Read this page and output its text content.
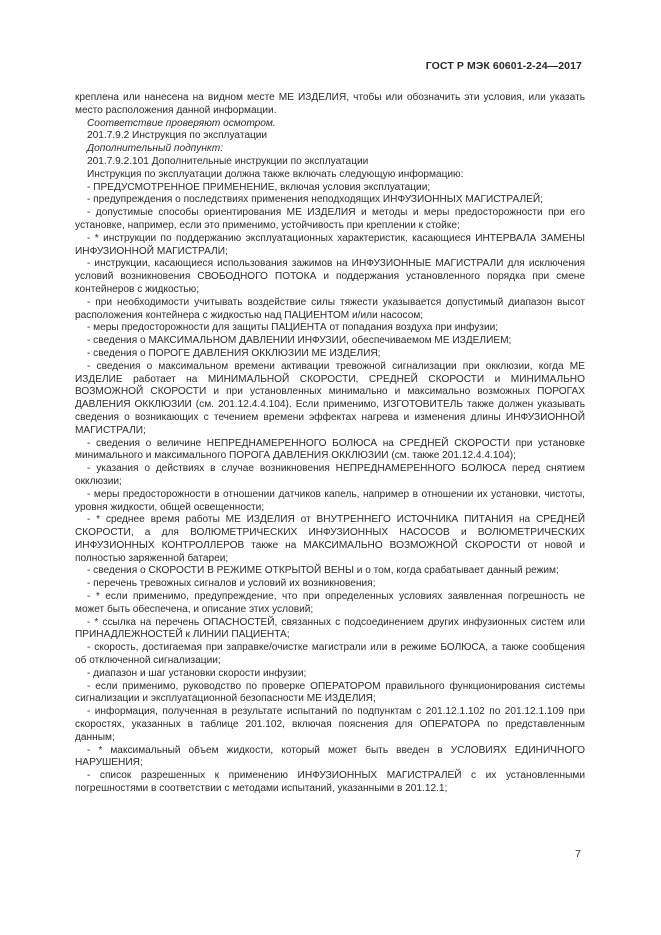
ГОСТ Р МЭК 60601-2-24—2017

креплена или нанесена на видном месте МЕ ИЗДЕЛИЯ, чтобы или обозначить эти условия, или указать место расположения данной информации.

Соответствие проверяют осмотром.

201.7.9.2 Инструкция по эксплуатации

Дополнительный подпункт:

201.7.9.2.101 Дополнительные инструкции по эксплуатации

Инструкция по эксплуатации должна также включать следующую информацию:

- ПРЕДУСМОТРЕННОЕ ПРИМЕНЕНИЕ, включая условия эксплуатации;

- предупреждения о последствиях применения неподходящих ИНФУЗИОННЫХ МАГИСТРАЛЕЙ;

- допустимые способы ориентирования МЕ ИЗДЕЛИЯ и методы и меры предосторожности при его установке, например, если это применимо, устойчивость при креплении к стойке;

- * инструкции по поддержанию эксплуатационных характеристик, касающиеся ИНТЕРВАЛА ЗАМЕНЫ ИНФУЗИОННОЙ МАГИСТРАЛИ;

- инструкции, касающиеся использования зажимов на ИНФУЗИОННЫЕ МАГИСТРАЛИ для исключения условий возникновения СВОБОДНОГО ПОТОКА и поддержания установленного порядка при смене контейнеров с жидкостью;

- при необходимости учитывать воздействие силы тяжести указывается допустимый диапазон высот расположения контейнера с жидкостью над ПАЦИЕНТОМ и/или насосом;

- меры предосторожности для защиты ПАЦИЕНТА от попадания воздуха при инфузии;

- сведения о МАКСИМАЛЬНОМ ДАВЛЕНИИ ИНФУЗИИ, обеспечиваемом МЕ ИЗДЕЛИЕМ;

- сведения о ПОРОГЕ ДАВЛЕНИЯ ОККЛЮЗИИ МЕ ИЗДЕЛИЯ;

- сведения о максимальном времени активации тревожной сигнализации при окклюзии, когда МЕ ИЗДЕЛИЕ работает на МИНИМАЛЬНОЙ СКОРОСТИ, СРЕДНЕЙ СКОРОСТИ и МИНИМАЛЬНО ВОЗМОЖНОЙ СКОРОСТИ и при установленных минимально и максимально возможных ПОРОГАХ ДАВЛЕНИЯ ОККЛЮЗИИ (см. 201.12.4.4.104). Если применимо, ИЗГОТОВИТЕЛЬ также должен указывать сведения о возникающих с течением времени эффектах нагрева и изменения длины ИНФУЗИОННОЙ МАГИСТРАЛИ;

- сведения о величине НЕПРЕДНАМЕРЕННОГО БОЛЮСА на СРЕДНЕЙ СКОРОСТИ при установке минимального и максимального ПОРОГА ДАВЛЕНИЯ ОККЛЮЗИИ (см. также 201.12.4.4.104);

- указания о действиях в случае возникновения НЕПРЕДНАМЕРЕННОГО БОЛЮСА перед снятием окклюзии;

- меры предосторожности в отношении датчиков капель, например в отношении их установки, чистоты, уровня жидкости, общей освещенности;

- * среднее время работы МЕ ИЗДЕЛИЯ от ВНУТРЕННЕГО ИСТОЧНИКА ПИТАНИЯ на СРЕДНЕЙ СКОРОСТИ, а для ВОЛЮМЕТРИЧЕСКИХ ИНФУЗИОННЫХ НАСОСОВ и ВОЛЮМЕТРИЧЕСКИХ ИНФУЗИОННЫХ КОНТРОЛЛЕРОВ также на МАКСИМАЛЬНО ВОЗМОЖНОЙ СКОРОСТИ от новой и полностью заряженной батареи;

- сведения о СКОРОСТИ В РЕЖИМЕ ОТКРЫТОЙ ВЕНЫ и о том, когда срабатывает данный режим;

- перечень тревожных сигналов и условий их возникновения;

- * если применимо, предупреждение, что при определенных условиях заявленная погрешность не может быть обеспечена, и описание этих условий;

- * ссылка на перечень ОПАСНОСТЕЙ, связанных с подсоединением других инфузионных систем или ПРИНАДЛЕЖНОСТЕЙ к ЛИНИИ ПАЦИЕНТА;

- скорость, достигаемая при заправке/очистке магистрали или в режиме БОЛЮСА, а также сообщения об отключенной сигнализации;

- диапазон и шаг установки скорости инфузии;

- если применимо, руководство по проверке ОПЕРАТОРОМ правильного функционирования системы сигнализации и эксплуатационной безопасности МЕ ИЗДЕЛИЯ;

- информация, полученная в результате испытаний по подпунктам с 201.12.1.102 по 201.12.1.109 при скоростях, указанных в таблице 201.102, включая пояснения для ОПЕРАТОРА по представленным данным;

- * максимальный объем жидкости, который может быть введен в УСЛОВИЯХ ЕДИНИЧНОГО НАРУШЕНИЯ;

- список разрешенных к применению ИНФУЗИОННЫХ МАГИСТРАЛЕЙ с их установленными погрешностями в соответствии с методами испытаний, указанными в 201.12.1;

7
